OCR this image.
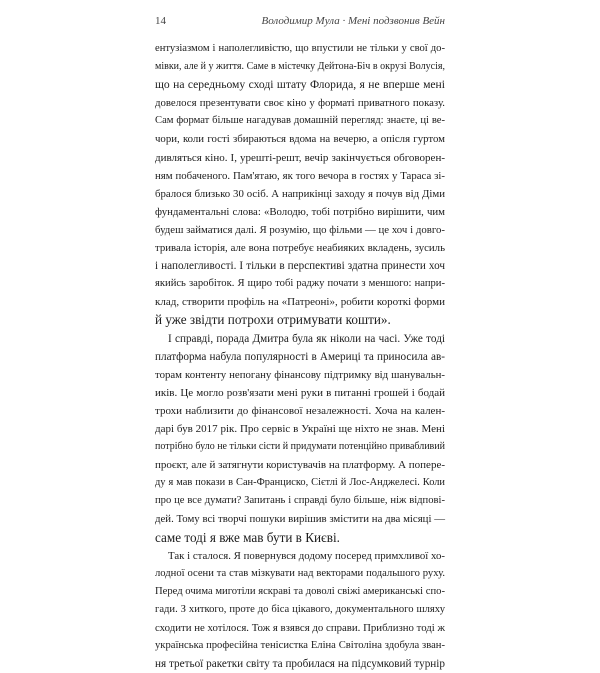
14	Володимир Мула · Мені подзвонив Вейн
ентузіазмом і наполегливістю, що впустили не тільки у свої до-
мівки, але й у життя. Саме в містечку Дейтона-Біч в окрузі Волусія,
що на середньому сході штату Флорида, я не вперше мені
довелося презентувати своє кіно у форматі приватного показу.
Сам формат більше нагадував домашній перегляд: знаєте, ці ве-
чори, коли гості збираються вдома на вечерю, а опісля гуртом
дивляться кіно. І, урешті-решт, вечір закінчується обговорен-
ням побаченого. Пам'ятаю, як того вечора в гостях у Тараса зі-
бралося близько 30 осіб. А наприкінці заходу я почув від Діми
фундаментальні слова: «Володю, тобі потрібно вирішити, чим
будеш займатися далі. Я розумію, що фільми — це хоч і довго-
тривала історія, але вона потребує неабияких вкладень, зусиль
і наполегливості. І тільки в перспективі здатна принести хоч
якийсь заробіток. Я щиро тобі раджу почати з меншого: напри-
клад, створити профіль на «Патреоні», робити короткі форми
й уже звідти потрохи отримувати кошти».
І справді, порада Дмитра була як ніколи на часі. Уже тоді
платформа набула популярності в Америці та приносила ав-
торам контенту непогану фінансову підтримку від шанувальн-
иків. Це могло розв'язати мені руки в питанні грошей і бодай
трохи наблизити до фінансової незалежності. Хоча на кален-
дарі був 2017 рік. Про сервіс в Україні ще ніхто не знав. Мені
потрібно було не тільки сісти й придумати потенційно привабливий
проєкт, але й затягнути користувачів на платформу. А попере-
ду я мав покази в Сан-Франциско, Сієтлі й Лос-Анджелесі. Коли
про це все думати? Запитань і справді було більше, ніж відпові-
дей. Тому всі творчі пошуки вирішив змістити на два місяці —
саме тоді я вже мав бути в Києві.
Так і сталося. Я повернувся додому посеред примхливої хо-
лодної осени та став мізкувати над векторами подальшого руху.
Перед очима миготіли яскраві та доволі свіжі американські спо-
гади. З хиткого, проте до біса цікавого, документального шляху
сходити не хотілося. Тож я взявся до справи. Приблизно тоді ж
українська професійна тенісистка Еліна Світоліна здобула зван-
ня третьої ракетки світу та пробилася на підсумковий турнір
